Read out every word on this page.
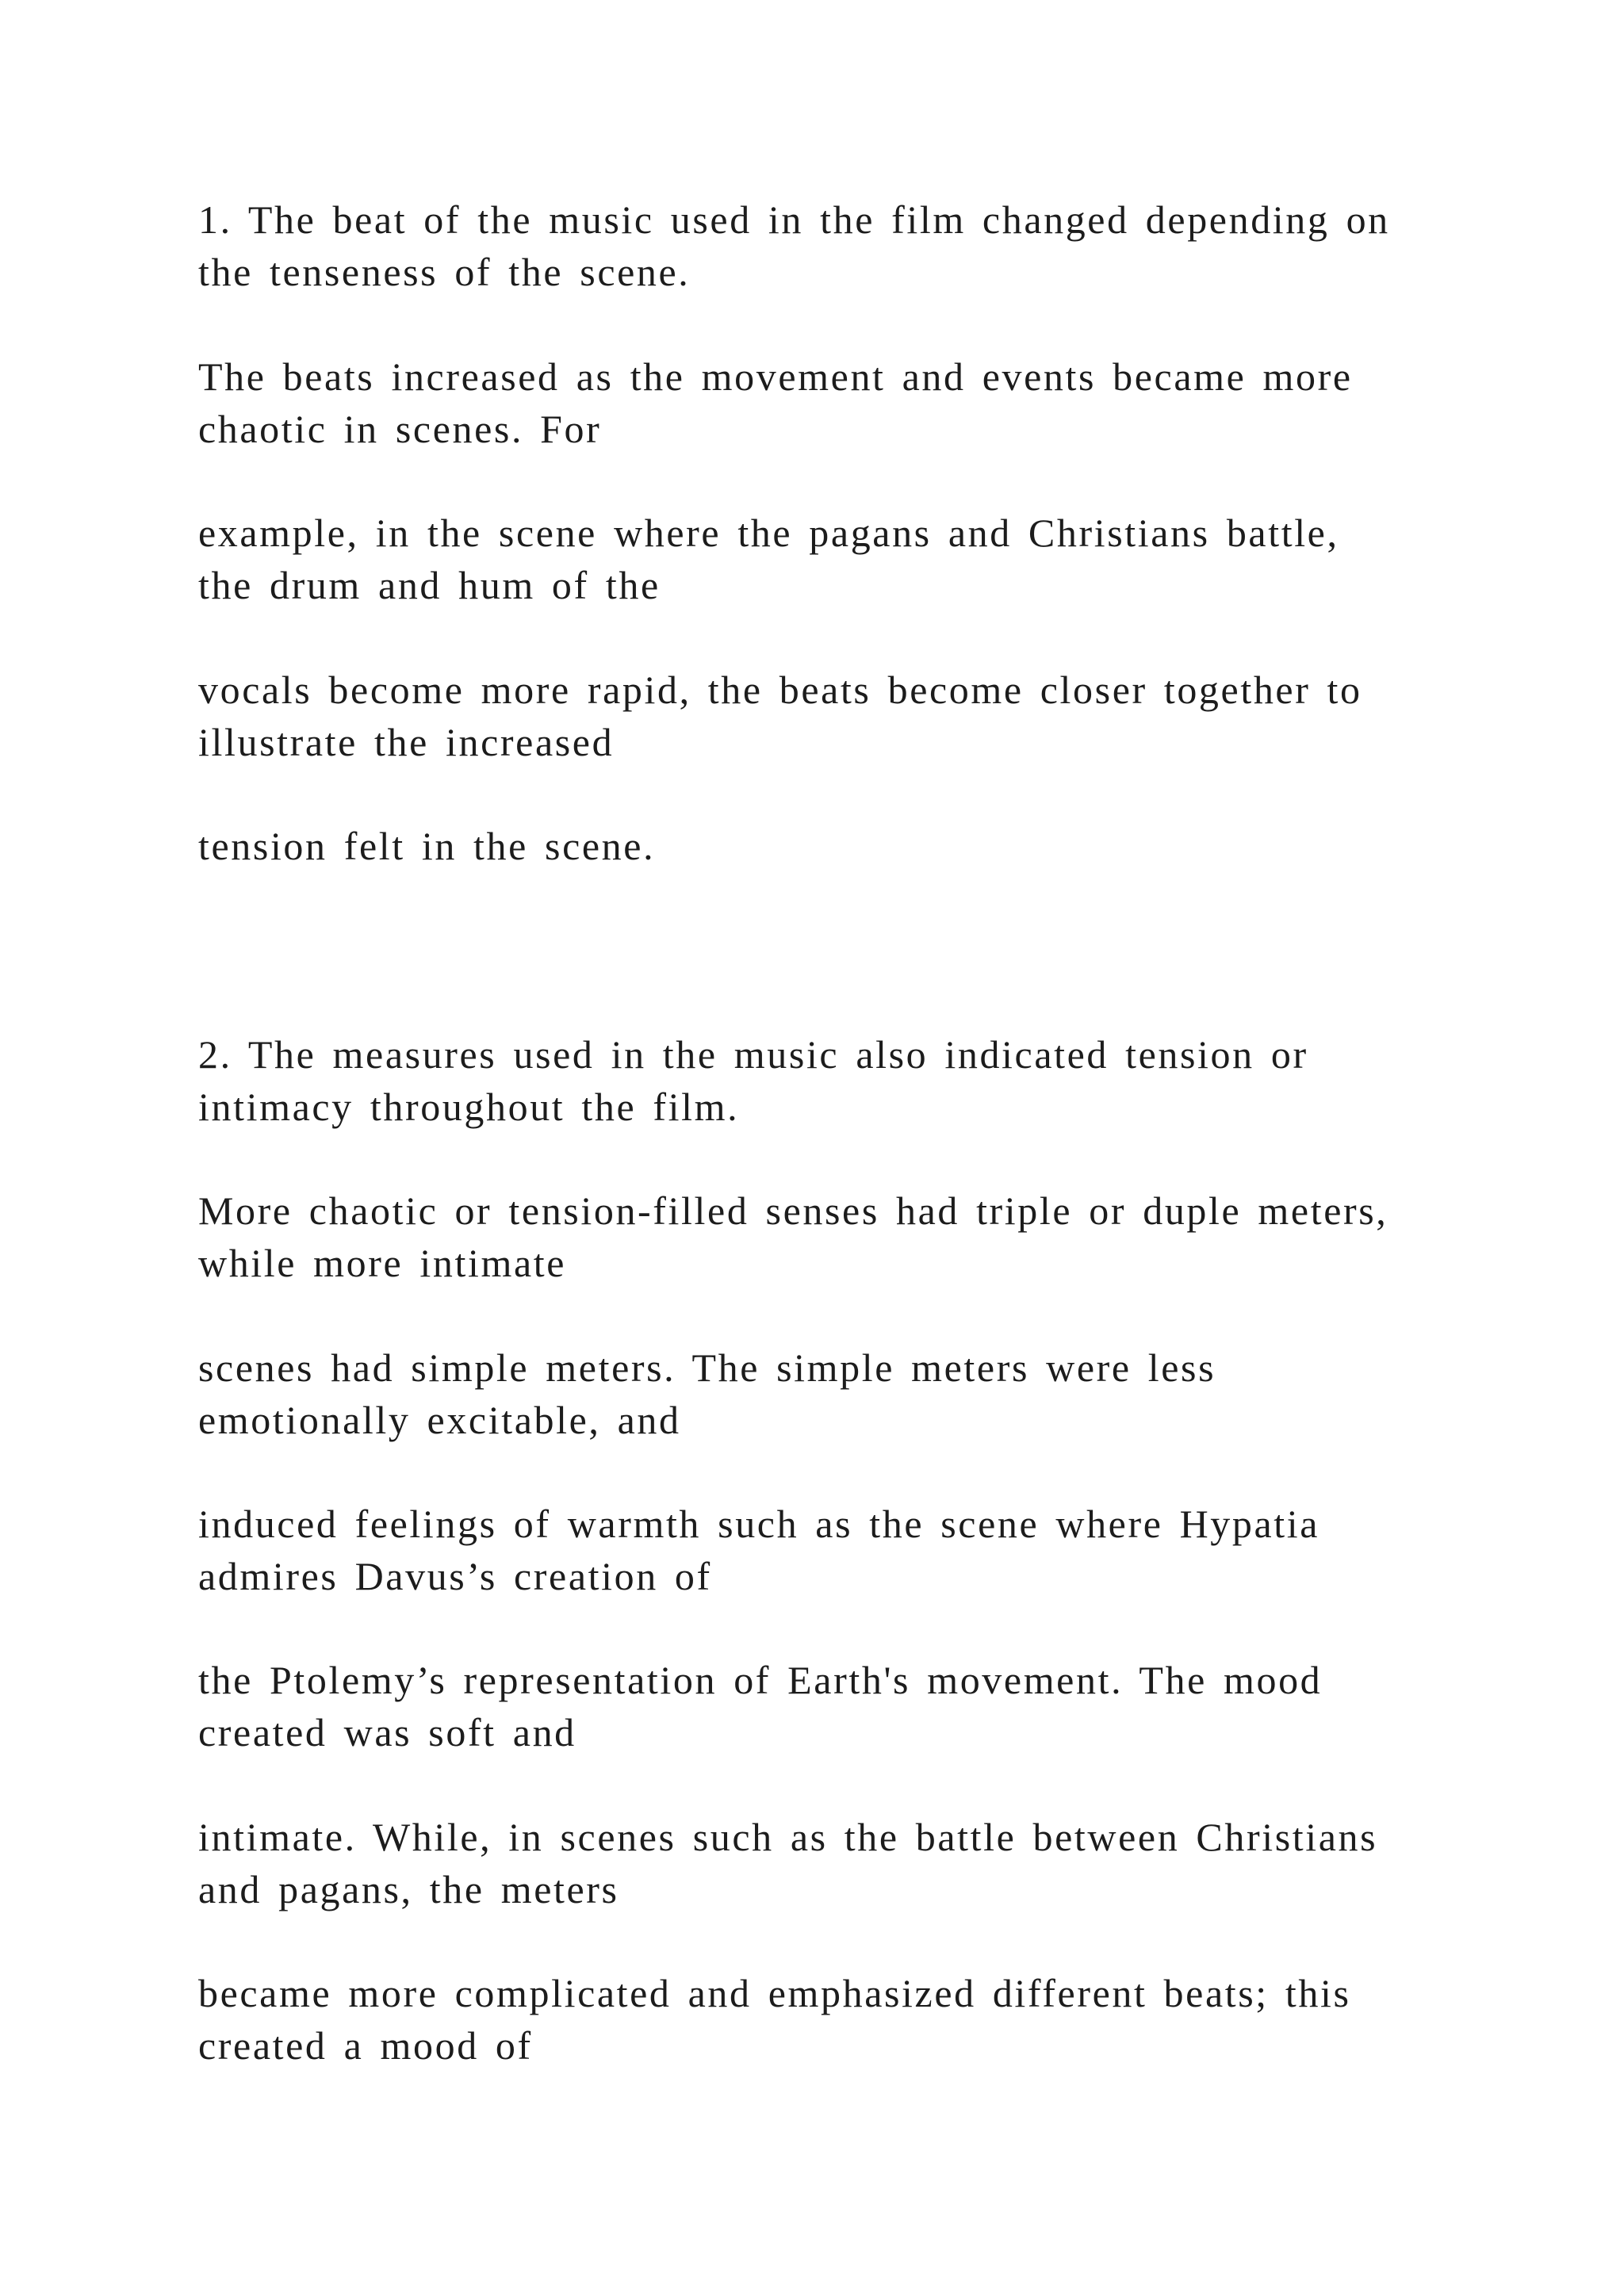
1. The beat of the music used in the film changed depending on

the tenseness of the scene.

The beats increased as the movement and events became more

chaotic in scenes. For

example, in the scene where the pagans and Christians battle,

the drum and hum of the

vocals become more rapid, the beats become closer together to

illustrate the increased

tension felt in the scene.

2. The measures used in the music also indicated tension or

intimacy throughout the film.

More chaotic or tension-filled senses had triple or duple meters,

while more intimate

scenes had simple meters. The simple meters were less

emotionally excitable, and

induced feelings of warmth such as the scene where Hypatia

admires Davus’s creation of

the Ptolemy’s representation of Earth's movement. The mood

created was soft and

intimate. While, in scenes such as the battle between Christians

and pagans, the meters

became more complicated and emphasized different beats; this

created a mood of
